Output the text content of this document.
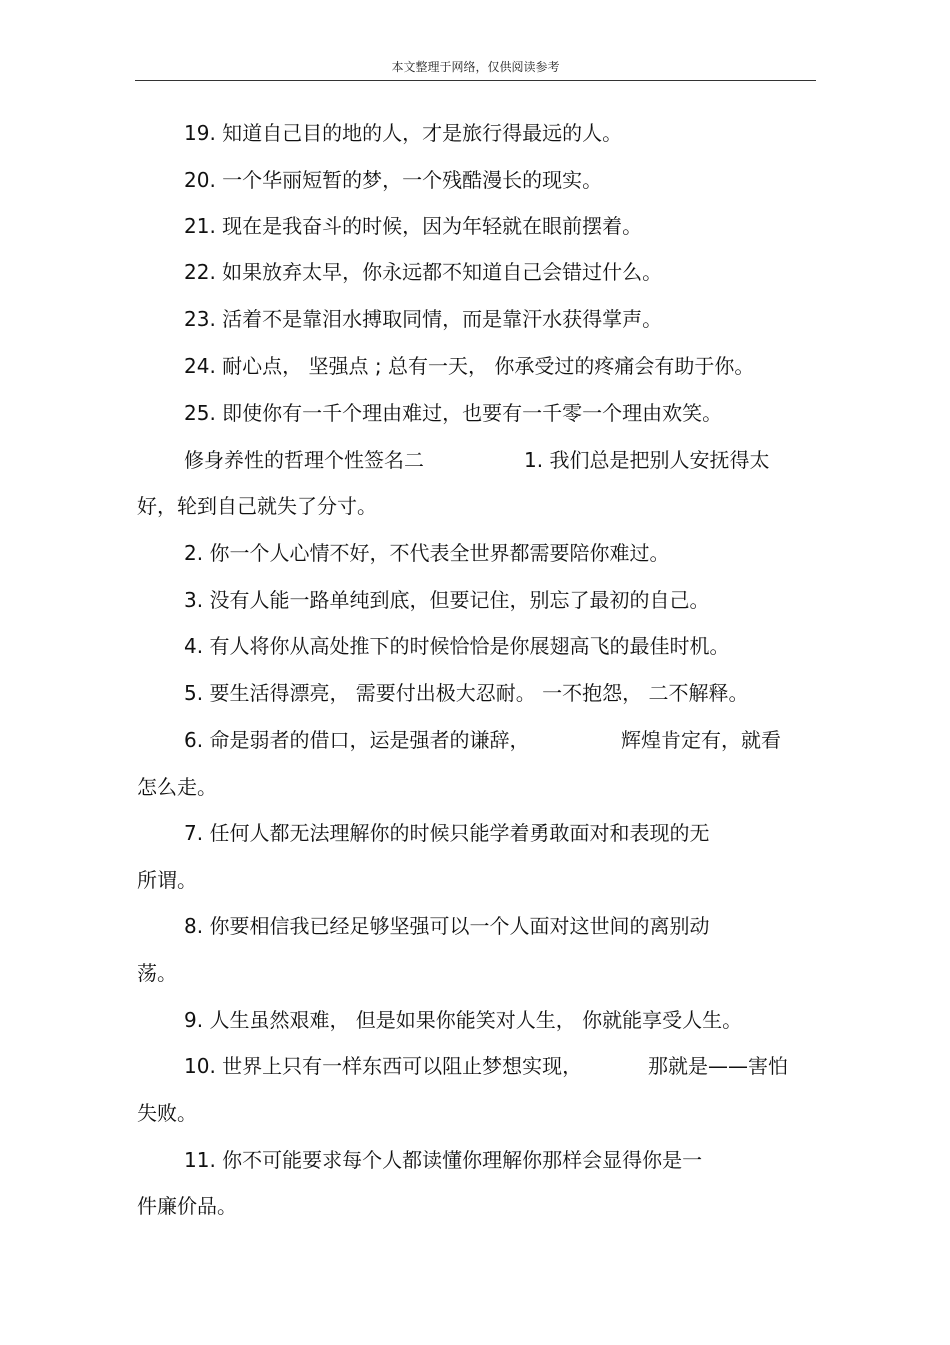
本文整理于网络，仅供阅读参考
19. 知道自己目的地的人，才是旅行得最远的人。
20. 一个华丽短暂的梦，一个残酷漫长的现实。
21. 现在是我奋斗的时候，因为年轻就在眼前摆着。
22. 如果放弃太早，你永远都不知道自己会错过什么。
23. 活着不是靠泪水搏取同情，而是靠汗水获得掌声。
24. 耐心点， 坚强点 ; 总有一天， 你承受过的疼痛会有助于你。
25. 即使你有一千个理由难过，也要有一千零一个理由欢笑。
修身养性的哲理个性签名二	1. 我们总是把别人安抚得太
好，轮到自己就失了分寸。
2. 你一个人心情不好，不代表全世界都需要陪你难过。
3. 没有人能一路单纯到底，但要记住，别忘了最初的自己。
4. 有人将你从高处推下的时候恰恰是你展翅高飞的最佳时机。
5. 要生活得漂亮， 需要付出极大忍耐。 一不抱怨， 二不解释。
6. 命是弱者的借口，运是强者的谦辞，	辉煌肯定有，就看
怎么走。
7. 任何人都无法理解你的时候只能学着勇敢面对和表现的无
所谓。
8. 你要相信我已经足够坚强可以一个人面对这世间的离别动
荡。
9. 人生虽然艰难， 但是如果你能笑对人生， 你就能享受人生。
10. 世界上只有一样东西可以阻止梦想实现，	那就是——害怕
失败。
11. 你不可能要求每个人都读懂你理解你那样会显得你是一
件廉价品。
